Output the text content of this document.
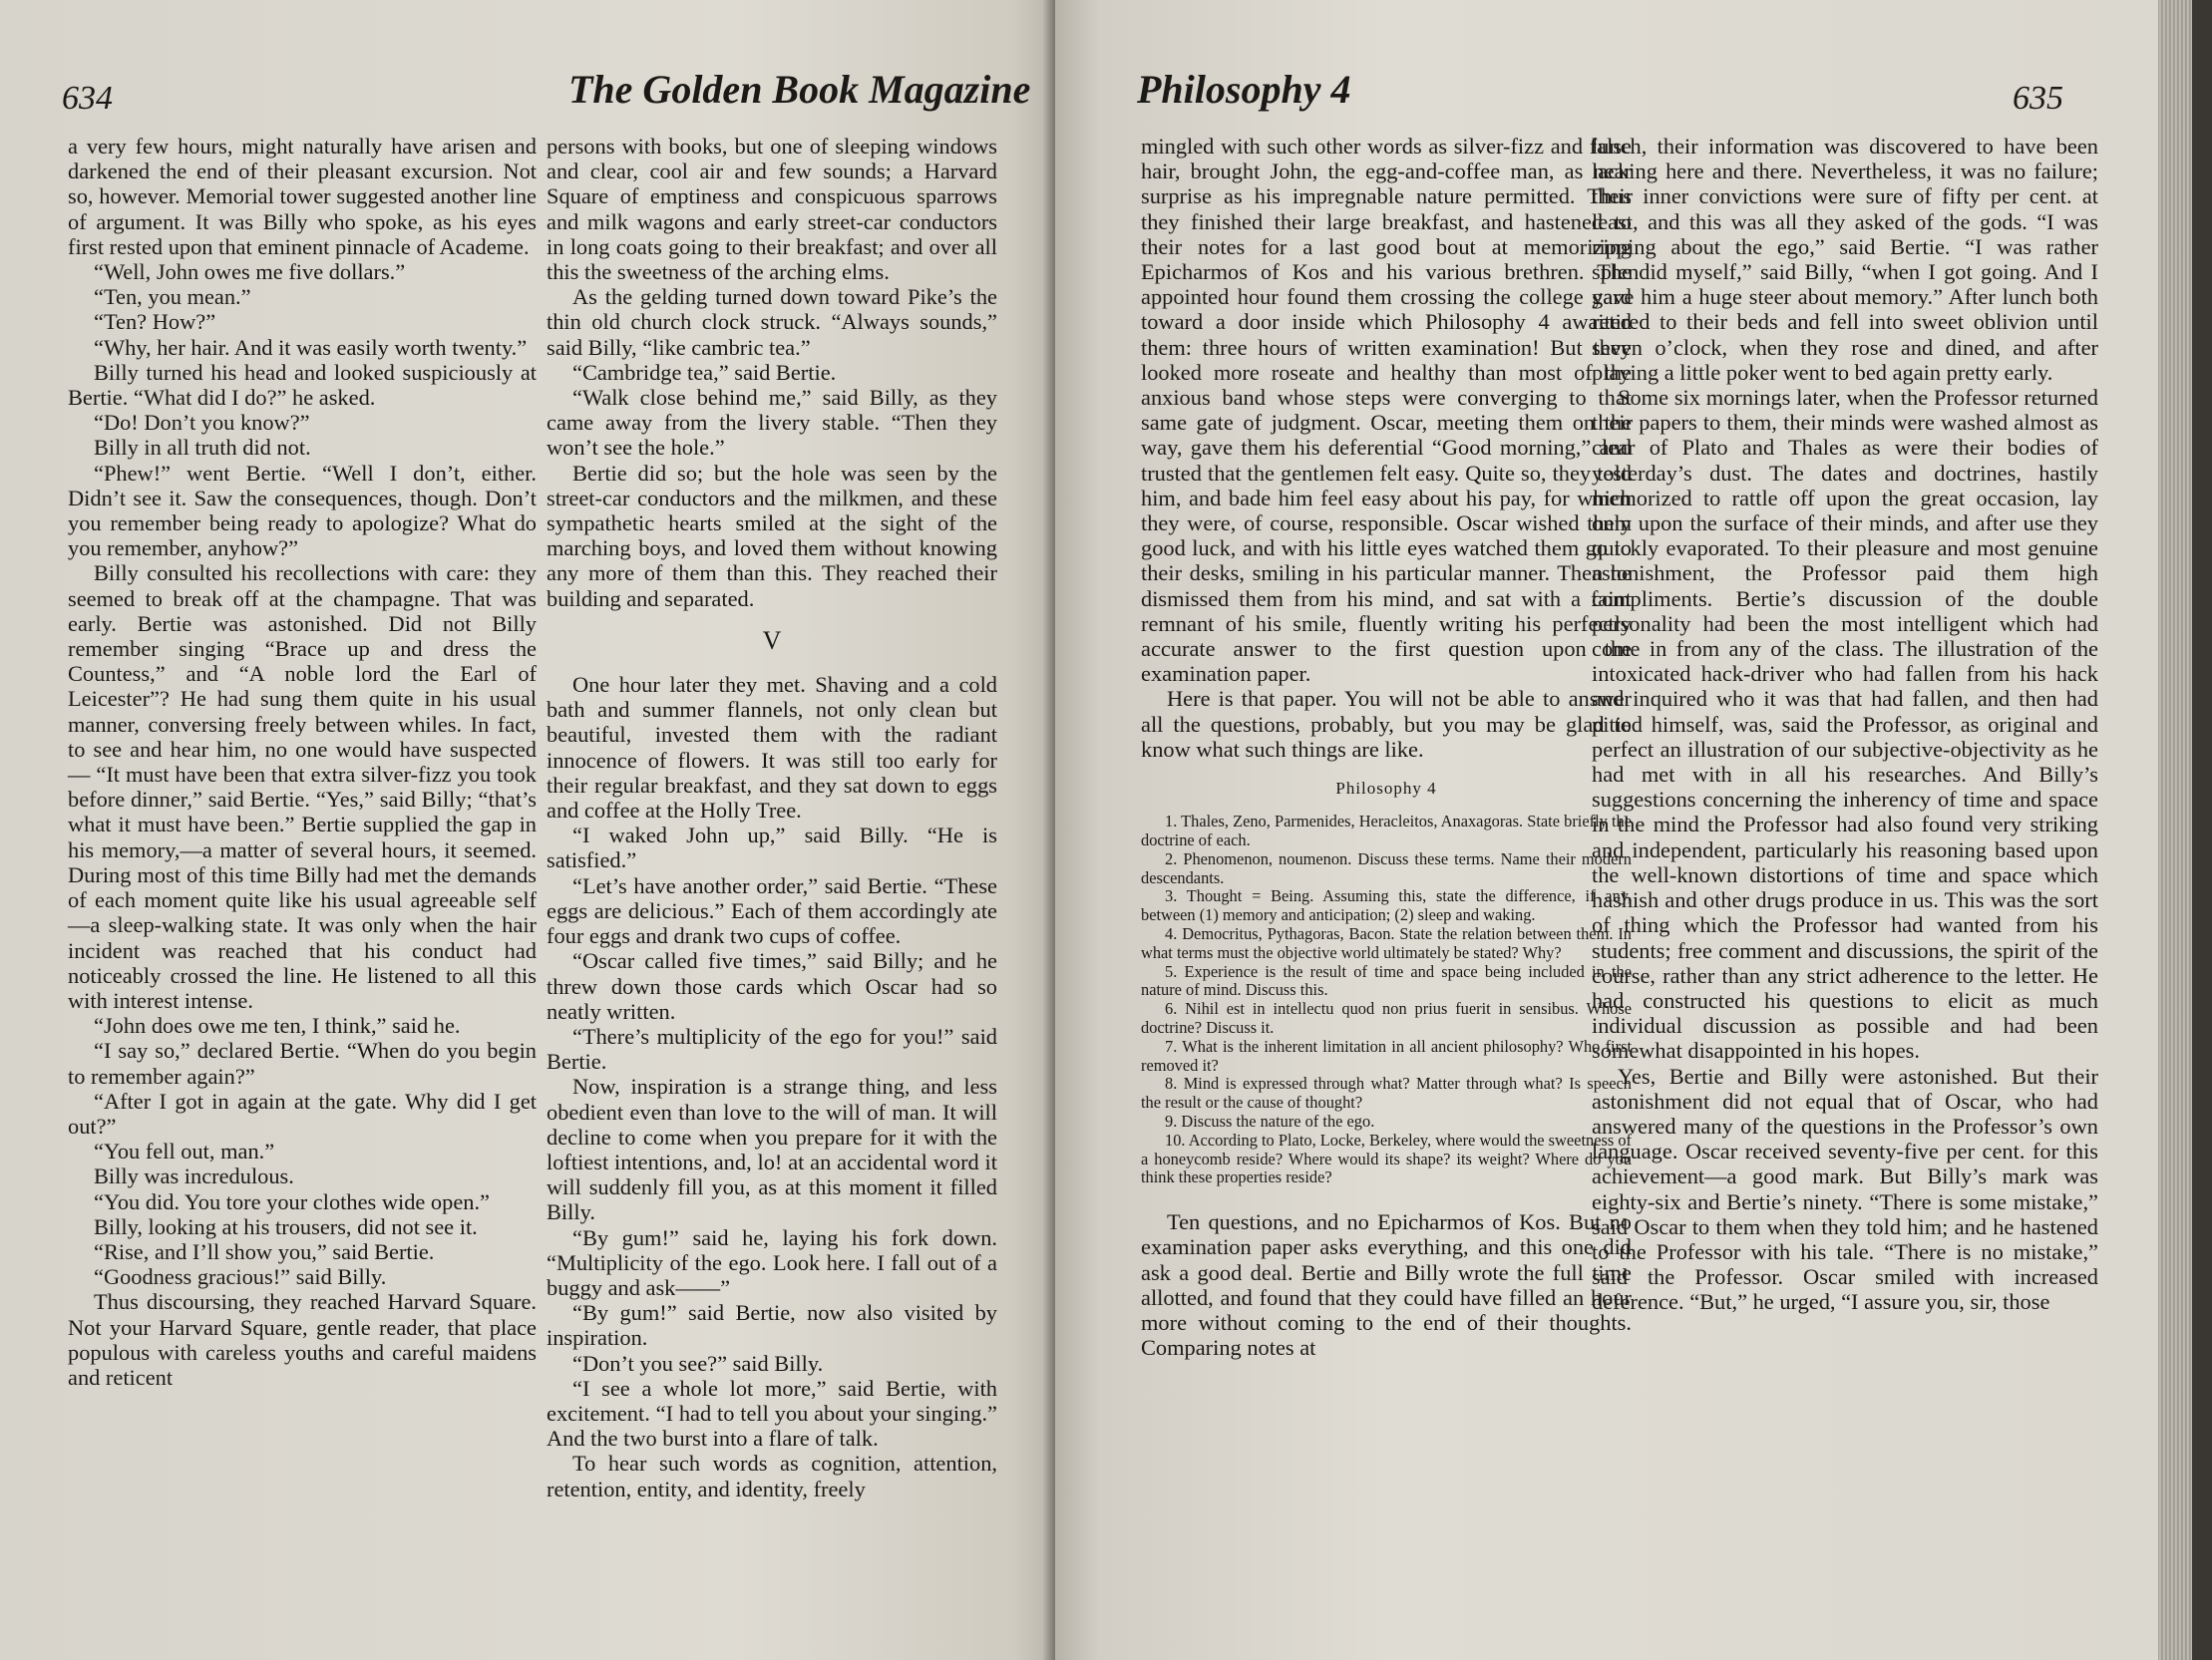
634	The Golden Book Magazine

a very few hours, might naturally have arisen and darkened the end of their pleasant excursion. Not so, however. Memorial tower suggested another line of argument. It was Billy who spoke, as his eyes first rested upon that eminent pinnacle of Academe.

“Well, John owes me five dollars.”

“Ten, you mean.”

“Ten? How?”

“Why, her hair. And it was easily worth twenty.”

Billy turned his head and looked suspiciously at Bertie. “What did I do?” he asked.

“Do! Don’t you know?”

Billy in all truth did not.

“Phew!” went Bertie. “Well I don’t, either. Didn’t see it. Saw the consequences, though. Don’t you remember being ready to apologize? What do you remember, anyhow?”

Billy consulted his recollections with care: they seemed to break off at the champagne. That was early. Bertie was astonished. Did not Billy remember singing “Brace up and dress the Countess,” and “A noble lord the Earl of Leicester”? He had sung them quite in his usual manner, conversing freely between whiles. In fact, to see and hear him, no one would have suspected— “It must have been that extra silver-fizz you took before dinner,” said Bertie. “Yes,” said Billy; “that’s what it must have been.” Bertie supplied the gap in his memory,—a matter of several hours, it seemed. During most of this time Billy had met the demands of each moment quite like his usual agreeable self—a sleep-walking state. It was only when the hair incident was reached that his conduct had noticeably crossed the line. He listened to all this with interest intense.

“John does owe me ten, I think,” said he.

“I say so,” declared Bertie. “When do you begin to remember again?”

“After I got in again at the gate. Why did I get out?”

“You fell out, man.”

Billy was incredulous.

“You did. You tore your clothes wide open.”

Billy, looking at his trousers, did not see it.

“Rise, and I’ll show you,” said Bertie.

“Goodness gracious!” said Billy.

Thus discoursing, they reached Harvard Square. Not your Harvard Square, gentle reader, that place populous with careless youths and careful maidens and reticent

persons with books, but one of sleeping windows and clear, cool air and few sounds; a Harvard Square of emptiness and conspicuous sparrows and milk wagons and early street-car conductors in long coats going to their breakfast; and over all this the sweetness of the arching elms.

As the gelding turned down toward Pike’s the thin old church clock struck. “Always sounds,” said Billy, “like cambric tea.”

“Cambridge tea,” said Bertie.

“Walk close behind me,” said Billy, as they came away from the livery stable. “Then they won’t see the hole.”

Bertie did so; but the hole was seen by the street-car conductors and the milkmen, and these sympathetic hearts smiled at the sight of the marching boys, and loved them without knowing any more of them than this. They reached their building and separated.

V

One hour later they met. Shaving and a cold bath and summer flannels, not only clean but beautiful, invested them with the radiant innocence of flowers. It was still too early for their regular breakfast, and they sat down to eggs and coffee at the Holly Tree.

“I waked John up,” said Billy. “He is satisfied.”

“Let’s have another order,” said Bertie. “These eggs are delicious.” Each of them accordingly ate four eggs and drank two cups of coffee.

“Oscar called five times,” said Billy; and he threw down those cards which Oscar had so neatly written.

“There’s multiplicity of the ego for you!” said Bertie.

Now, inspiration is a strange thing, and less obedient even than love to the will of man. It will decline to come when you prepare for it with the loftiest intentions, and, lo! at an accidental word it will suddenly fill you, as at this moment it filled Billy.

“By gum!” said he, laying his fork down. “Multiplicity of the ego. Look here. I fall out of a buggy and ask——”

“By gum!” said Bertie, now also visited by inspiration.

“Don’t you see?” said Billy.

“I see a whole lot more,” said Bertie, with excitement. “I had to tell you about your singing.” And the two burst into a flare of talk.

To hear such words as cognition, attention, retention, entity, and identity, freely

Philosophy 4	635

mingled with such other words as silver-fizz and false hair, brought John, the egg-and-coffee man, as near surprise as his impregnable nature permitted. Thus they finished their large breakfast, and hastened to their notes for a last good bout at memorizing Epicharmos of Kos and his various brethren. The appointed hour found them crossing the college yard toward a door inside which Philosophy 4 awaited them: three hours of written examination! But they looked more roseate and healthy than most of the anxious band whose steps were converging to that same gate of judgment. Oscar, meeting them on the way, gave them his deferential “Good morning,” and trusted that the gentlemen felt easy. Quite so, they told him, and bade him feel easy about his pay, for which they were, of course, responsible. Oscar wished them good luck, and with his little eyes watched them go to their desks, smiling in his particular manner. Then he dismissed them from his mind, and sat with a faint remnant of his smile, fluently writing his perfectly accurate answer to the first question upon the examination paper.

Here is that paper. You will not be able to answer all the questions, probably, but you may be glad to know what such things are like.

Philosophy 4

1. Thales, Zeno, Parmenides, Heracleitos, Anaxagoras. State briefly the doctrine of each.

2. Phenomenon, noumenon. Discuss these terms. Name their modern descendants.

3. Thought = Being. Assuming this, state the difference, if any, between (1) memory and anticipation; (2) sleep and waking.

4. Democritus, Pythagoras, Bacon. State the relation between them. In what terms must the objective world ultimately be stated? Why?

5. Experience is the result of time and space being included in the nature of mind. Discuss this.

6. Nihil est in intellectu quod non prius fuerit in sensibus. Whose doctrine? Discuss it.

7. What is the inherent limitation in all ancient philosophy? Who first removed it?

8. Mind is expressed through what? Matter through what? Is speech the result or the cause of thought?

9. Discuss the nature of the ego.

10. According to Plato, Locke, Berkeley, where would the sweetness of a honeycomb reside? Where would its shape? its weight? Where do you think these properties reside?

Ten questions, and no Epicharmos of Kos. But no examination paper asks everything, and this one did ask a good deal. Bertie and Billy wrote the full time allotted, and found that they could have filled an hour more without coming to the end of their thoughts. Comparing notes at

lunch, their information was discovered to have been lacking here and there. Nevertheless, it was no failure; their inner convictions were sure of fifty per cent. at least, and this was all they asked of the gods. “I was ripping about the ego,” said Bertie. “I was rather splendid myself,” said Billy, “when I got going. And I gave him a huge steer about memory.” After lunch both retired to their beds and fell into sweet oblivion until seven o’clock, when they rose and dined, and after playing a little poker went to bed again pretty early.

Some six mornings later, when the Professor returned their papers to them, their minds were washed almost as clear of Plato and Thales as were their bodies of yesterday’s dust. The dates and doctrines, hastily memorized to rattle off upon the great occasion, lay only upon the surface of their minds, and after use they quickly evaporated. To their pleasure and most genuine astonishment, the Professor paid them high compliments. Bertie’s discussion of the double personality had been the most intelligent which had come in from any of the class. The illustration of the intoxicated hack-driver who had fallen from his hack and inquired who it was that had fallen, and then had pitied himself, was, said the Professor, as original and perfect an illustration of our subjective-objectivity as he had met with in all his researches. And Billy’s suggestions concerning the inherency of time and space in the mind the Professor had also found very striking and independent, particularly his reasoning based upon the well-known distortions of time and space which hashish and other drugs produce in us. This was the sort of thing which the Professor had wanted from his students; free comment and discussions, the spirit of the course, rather than any strict adherence to the letter. He had constructed his questions to elicit as much individual discussion as possible and had been somewhat disappointed in his hopes.

Yes, Bertie and Billy were astonished. But their astonishment did not equal that of Oscar, who had answered many of the questions in the Professor’s own language. Oscar received seventy-five per cent. for this achievement—a good mark. But Billy’s mark was eighty-six and Bertie’s ninety. “There is some mistake,” said Oscar to them when they told him; and he hastened to the Professor with his tale. “There is no mistake,” said the Professor. Oscar smiled with increased deference. “But,” he urged, “I assure you, sir, those
